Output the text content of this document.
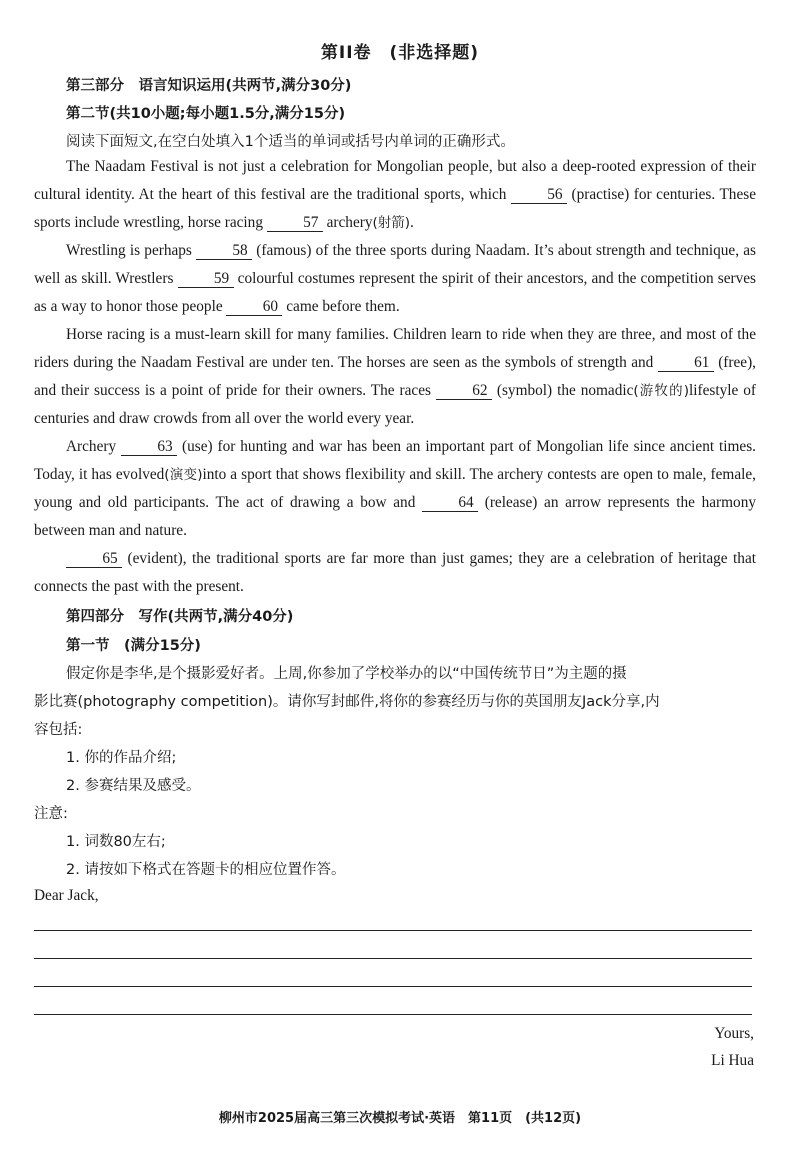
第II卷　(非选择题)
第三部分　语言知识运用(共两节,满分30分)
第二节(共10小题;每小题1.5分,满分15分)
阅读下面短文,在空白处填入1个适当的单词或括号内单词的正确形式。

The Naadam Festival is not just a celebration for Mongolian people, but also a deep-rooted expression of their cultural identity. At the heart of this festival are the traditional sports, which 56 (practise) for centuries. These sports include wrestling, horse racing 57 archery(射箭).

Wrestling is perhaps 58 (famous) of the three sports during Naadam. It’s about strength and technique, as well as skill. Wrestlers 59 colourful costumes represent the spirit of their ancestors, and the competition serves as a way to honor those people 60 came before them.

Horse racing is a must-learn skill for many families. Children learn to ride when they are three, and most of the riders during the Naadam Festival are under ten. The horses are seen as the symbols of strength and 61 (free), and their success is a point of pride for their owners. The races 62 (symbol) the nomadic(游牧的)lifestyle of centuries and draw crowds from all over the world every year.

Archery 63 (use) for hunting and war has been an important part of Mongolian life since ancient times. Today, it has evolved(演变)into a sport that shows flexibility and skill. The archery contests are open to male, female, young and old participants. The act of drawing a bow and 64 (release) an arrow represents the harmony between man and nature.

65 (evident), the traditional sports are far more than just games; they are a celebration of heritage that connects the past with the present.

第四部分　写作(共两节,满分40分)
第一节　(满分15分)
假定你是李华,是个摄影爱好者。上周,你参加了学校举办的以“中国传统节日”为主题的摄
影比赛(photography competition)。请你写封邮件,将你的参赛经历与你的英国朋友Jack分享,内
容包括:
1. 你的作品介绍;
2. 参赛结果及感受。
注意:
1. 词数80左右;
2. 请按如下格式在答题卡的相应位置作答。
Dear Jack,
Yours,
Li Hua
柳州市2025届高三第三次模拟考试·英语　第11页　(共12页)
